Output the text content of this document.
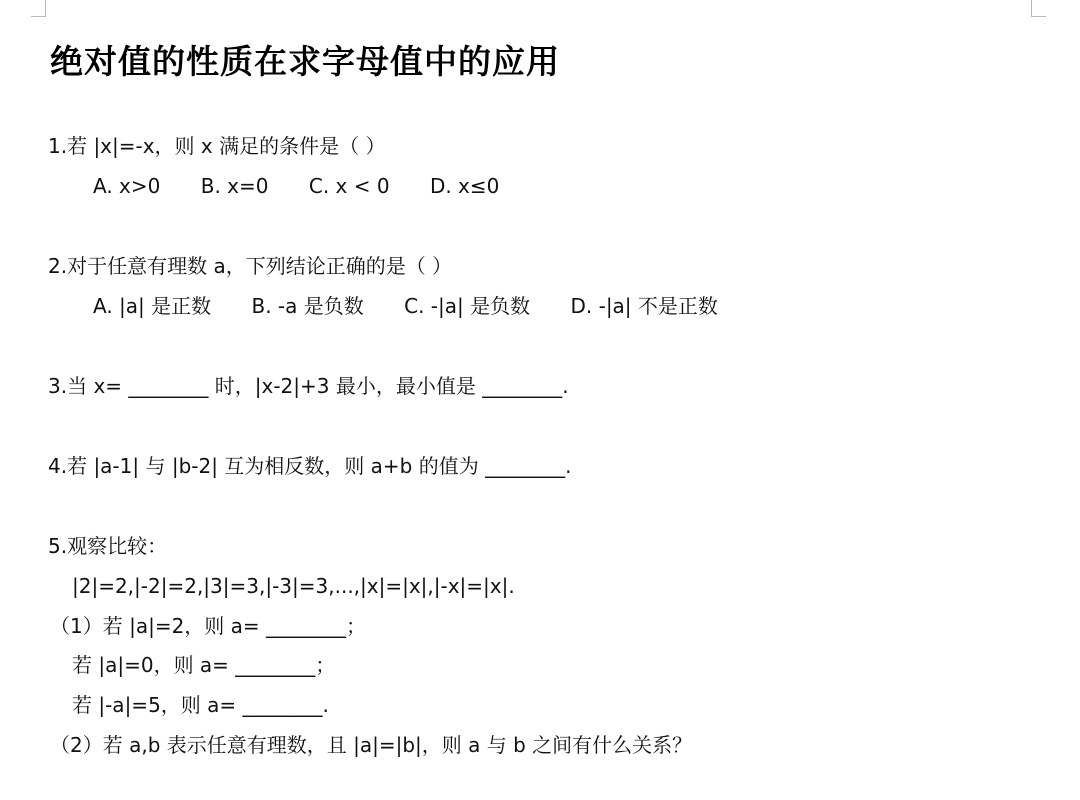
绝对值的性质在求字母值中的应用
1.若 |x|=-x，则 x 满足的条件是（ ）
A. x>0 B. x=0 C. x < 0 D. x≤0
2.对于任意有理数 a，下列结论正确的是（ ）
A. |a| 是正数 B. -a 是负数 C. -|a| 是负数 D. -|a| 不是正数
3.当 x= ________ 时，|x-2|+3 最小，最小值是 ________.
4.若 |a-1| 与 |b-2| 互为相反数，则 a+b 的值为 ________.
5.观察比较：
|2|=2,|-2|=2,|3|=3,|-3|=3,...,|x|=|x|,|-x|=|x|.
（1）若 |a|=2，则 a= ________；
若 |a|=0，则 a= ________；
若 |-a|=5，则 a= ________.
（2）若 a,b 表示任意有理数，且 |a|=|b|，则 a 与 b 之间有什么关系？
